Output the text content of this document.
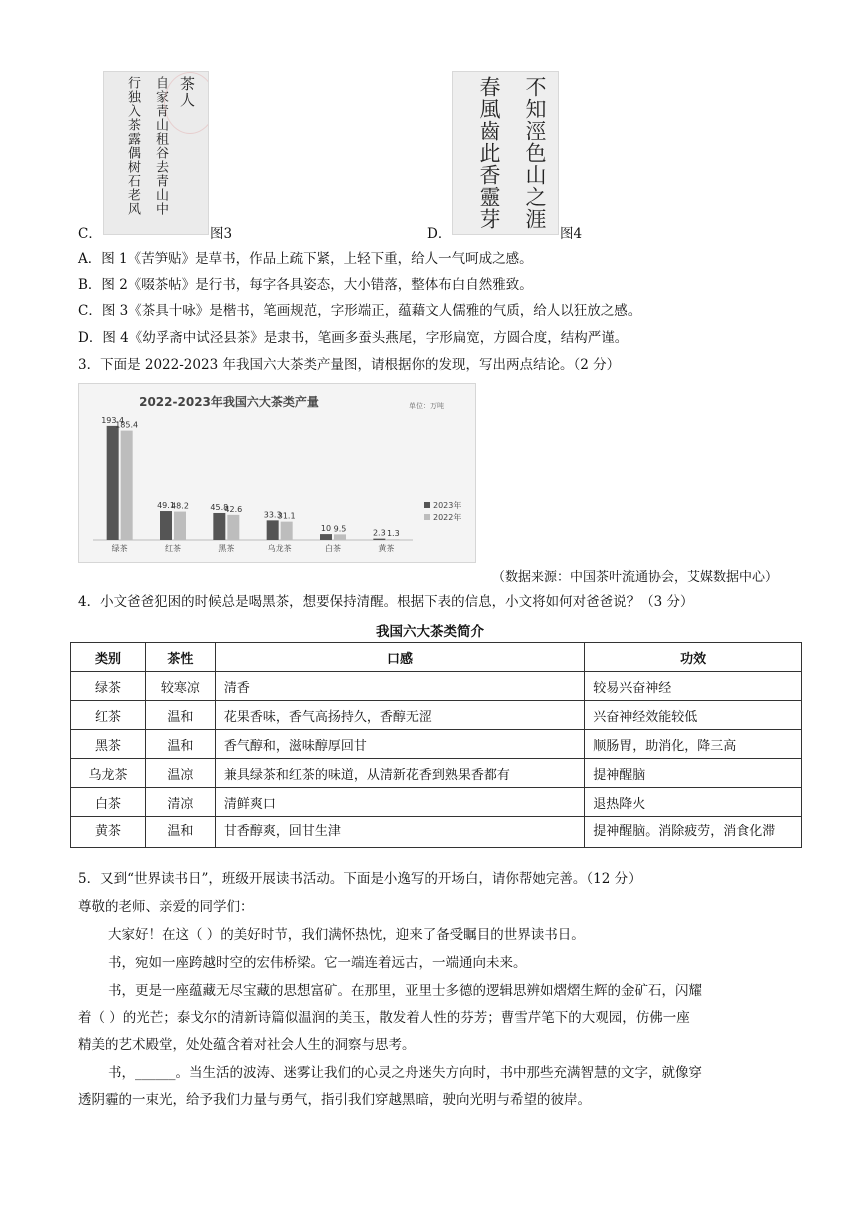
茶人
自家青山租谷去青山中
行独入茶露偶树石老风
C．	图3
不知涇色山之涯
春風齒此香靈芽
D．	图4
A．图 1《苦笋贴》是草书，作品上疏下紧，上轻下重，给人一气呵成之感。
B．图 2《啜茶帖》是行书，每字各具姿态，大小错落，整体布白自然雅致。
C．图 3《茶具十咏》是楷书，笔画规范，字形端正，蕴藉文人儒雅的气质，给人以狂放之感。
D．图 4《幼孚斋中试泾县茶》是隶书，笔画多蚕头燕尾，字形扁宽，方圆合度，结构严谨。
3．下面是 2022-2023 年我国六大茶类产量图，请根据你的发现，写出两点结论。（2 分）
2022-2023年我国六大茶类产量	单位：万吨
193.4
185.4
绿茶
49.1
48.2
红茶
45.8
42.6
黑茶
33.3
31.1
乌龙茶
10 9.5
白茶
2.3 1.3
黄茶
2023年
2022年
（数据来源：中国茶叶流通协会，艾媒数据中心）
4．小文爸爸犯困的时候总是喝黑茶，想要保持清醒。根据下表的信息，小文将如何对爸爸说？（3 分）
我国六大茶类简介
类别	茶性	口感	功效
绿茶	较寒凉	清香	较易兴奋神经
红茶	温和	花果香味，香气高扬持久，香醇无涩	兴奋神经效能较低
黑茶	温和	香气醇和，滋味醇厚回甘	顺肠胃，助消化，降三高
乌龙茶	温凉	兼具绿茶和红茶的味道，从清新花香到熟果香都有	提神醒脑
白茶	清凉	清鲜爽口	退热降火
黄茶	温和	甘香醇爽，回甘生津	提神醒脑。消除疲劳，消食化滞
5．又到“世界读书日”，班级开展读书活动。下面是小逸写的开场白，请你帮她完善。（12 分）
尊敬的老师、亲爱的同学们：
大家好！在这（ ）的美好时节，我们满怀热忱，迎来了备受瞩目的世界读书日。
书，宛如一座跨越时空的宏伟桥梁。它一端连着远古，一端通向未来。
书，更是一座蕴藏无尽宝藏的思想富矿。在那里，亚里士多德的逻辑思辨如熠熠生辉的金矿石，闪耀
着（ ）的光芒；泰戈尔的清新诗篇似温润的美玉，散发着人性的芬芳；曹雪芹笔下的大观园，仿佛一座
精美的艺术殿堂，处处蕴含着对社会人生的洞察与思考。
书，______。当生活的波涛、迷雾让我们的心灵之舟迷失方向时，书中那些充满智慧的文字，就像穿
透阴霾的一束光，给予我们力量与勇气，指引我们穿越黑暗，驶向光明与希望的彼岸。
